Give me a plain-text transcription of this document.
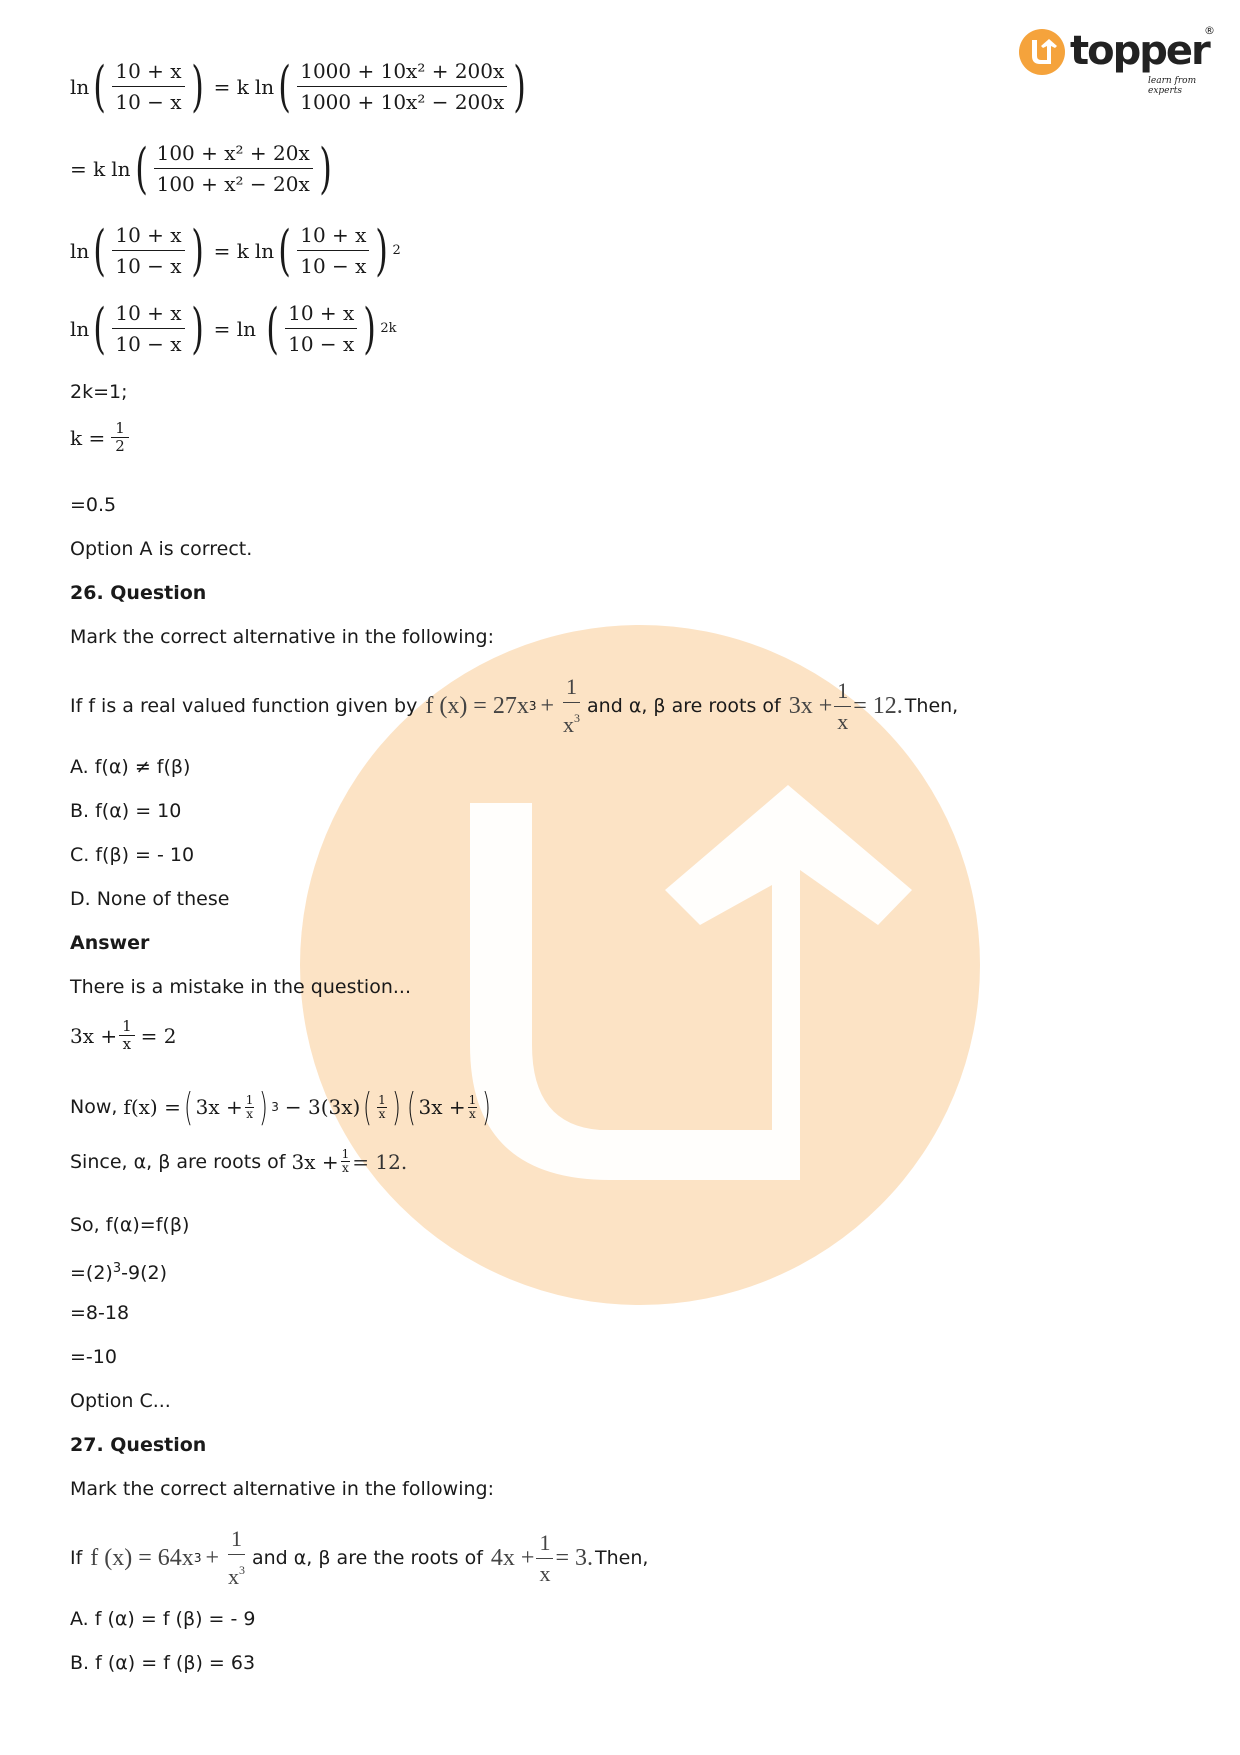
topper
®
learn from experts
ln ( $\frac{10 + x}{10 - x}$ ) = k ln ( $\frac{\text{1000 + 10x² + 200x}}{\text{1000 + 10x² − 200x}}$ )
= k ln ( $\frac{\text{100 + x² + 20x}}{\text{100 + x² − 20x}}$ )
ln ( $\frac{10 + x}{10 - x}$ ) = k ln ( $\frac{10 + x}{10 - x}$ ) 2
ln ( $\frac{10 + x}{10 - x}$ ) = ln ( $\frac{10 + x}{10 - x}$ ) 2k
2k=1;
$k = \frac{1}{2}$
=0.5
Option A is correct.
26. Question
Mark the correct alternative in the following:
If f is a real valued function given by f (x) = 27x $3 + \frac{1}{x^3}$ and α, β are roots of $3x + \frac{1}{x} = 12$. Then,
A. f(α) ≠ f(β)
B. f(α) = 10
C. f(β) = - 10
D. None of these
Answer
There is a mistake in the question...
$3x + \frac{1}{x} = 2$
Now, f(x) = ( $3x + \frac{1}{x}$ ) 3 − 3(3x) ( $\frac{1}{x}$ ) ( $3x + \frac{1}{x}$ )
Since, α, β are roots of $3x + \frac{1}{x} = 12$.
So, f(α)=f(β)
$=(2)^3-9(2)$
=8-18
=-10
Option C...
27. Question
Mark the correct alternative in the following:
If f (x) = 64x $3 + \frac{1}{x^3}$ and α, β are the roots of $4x + \frac{1}{x} = 3$. Then,
A. f (α) = f (β) = - 9
B. f (α) = f (β) = 63
